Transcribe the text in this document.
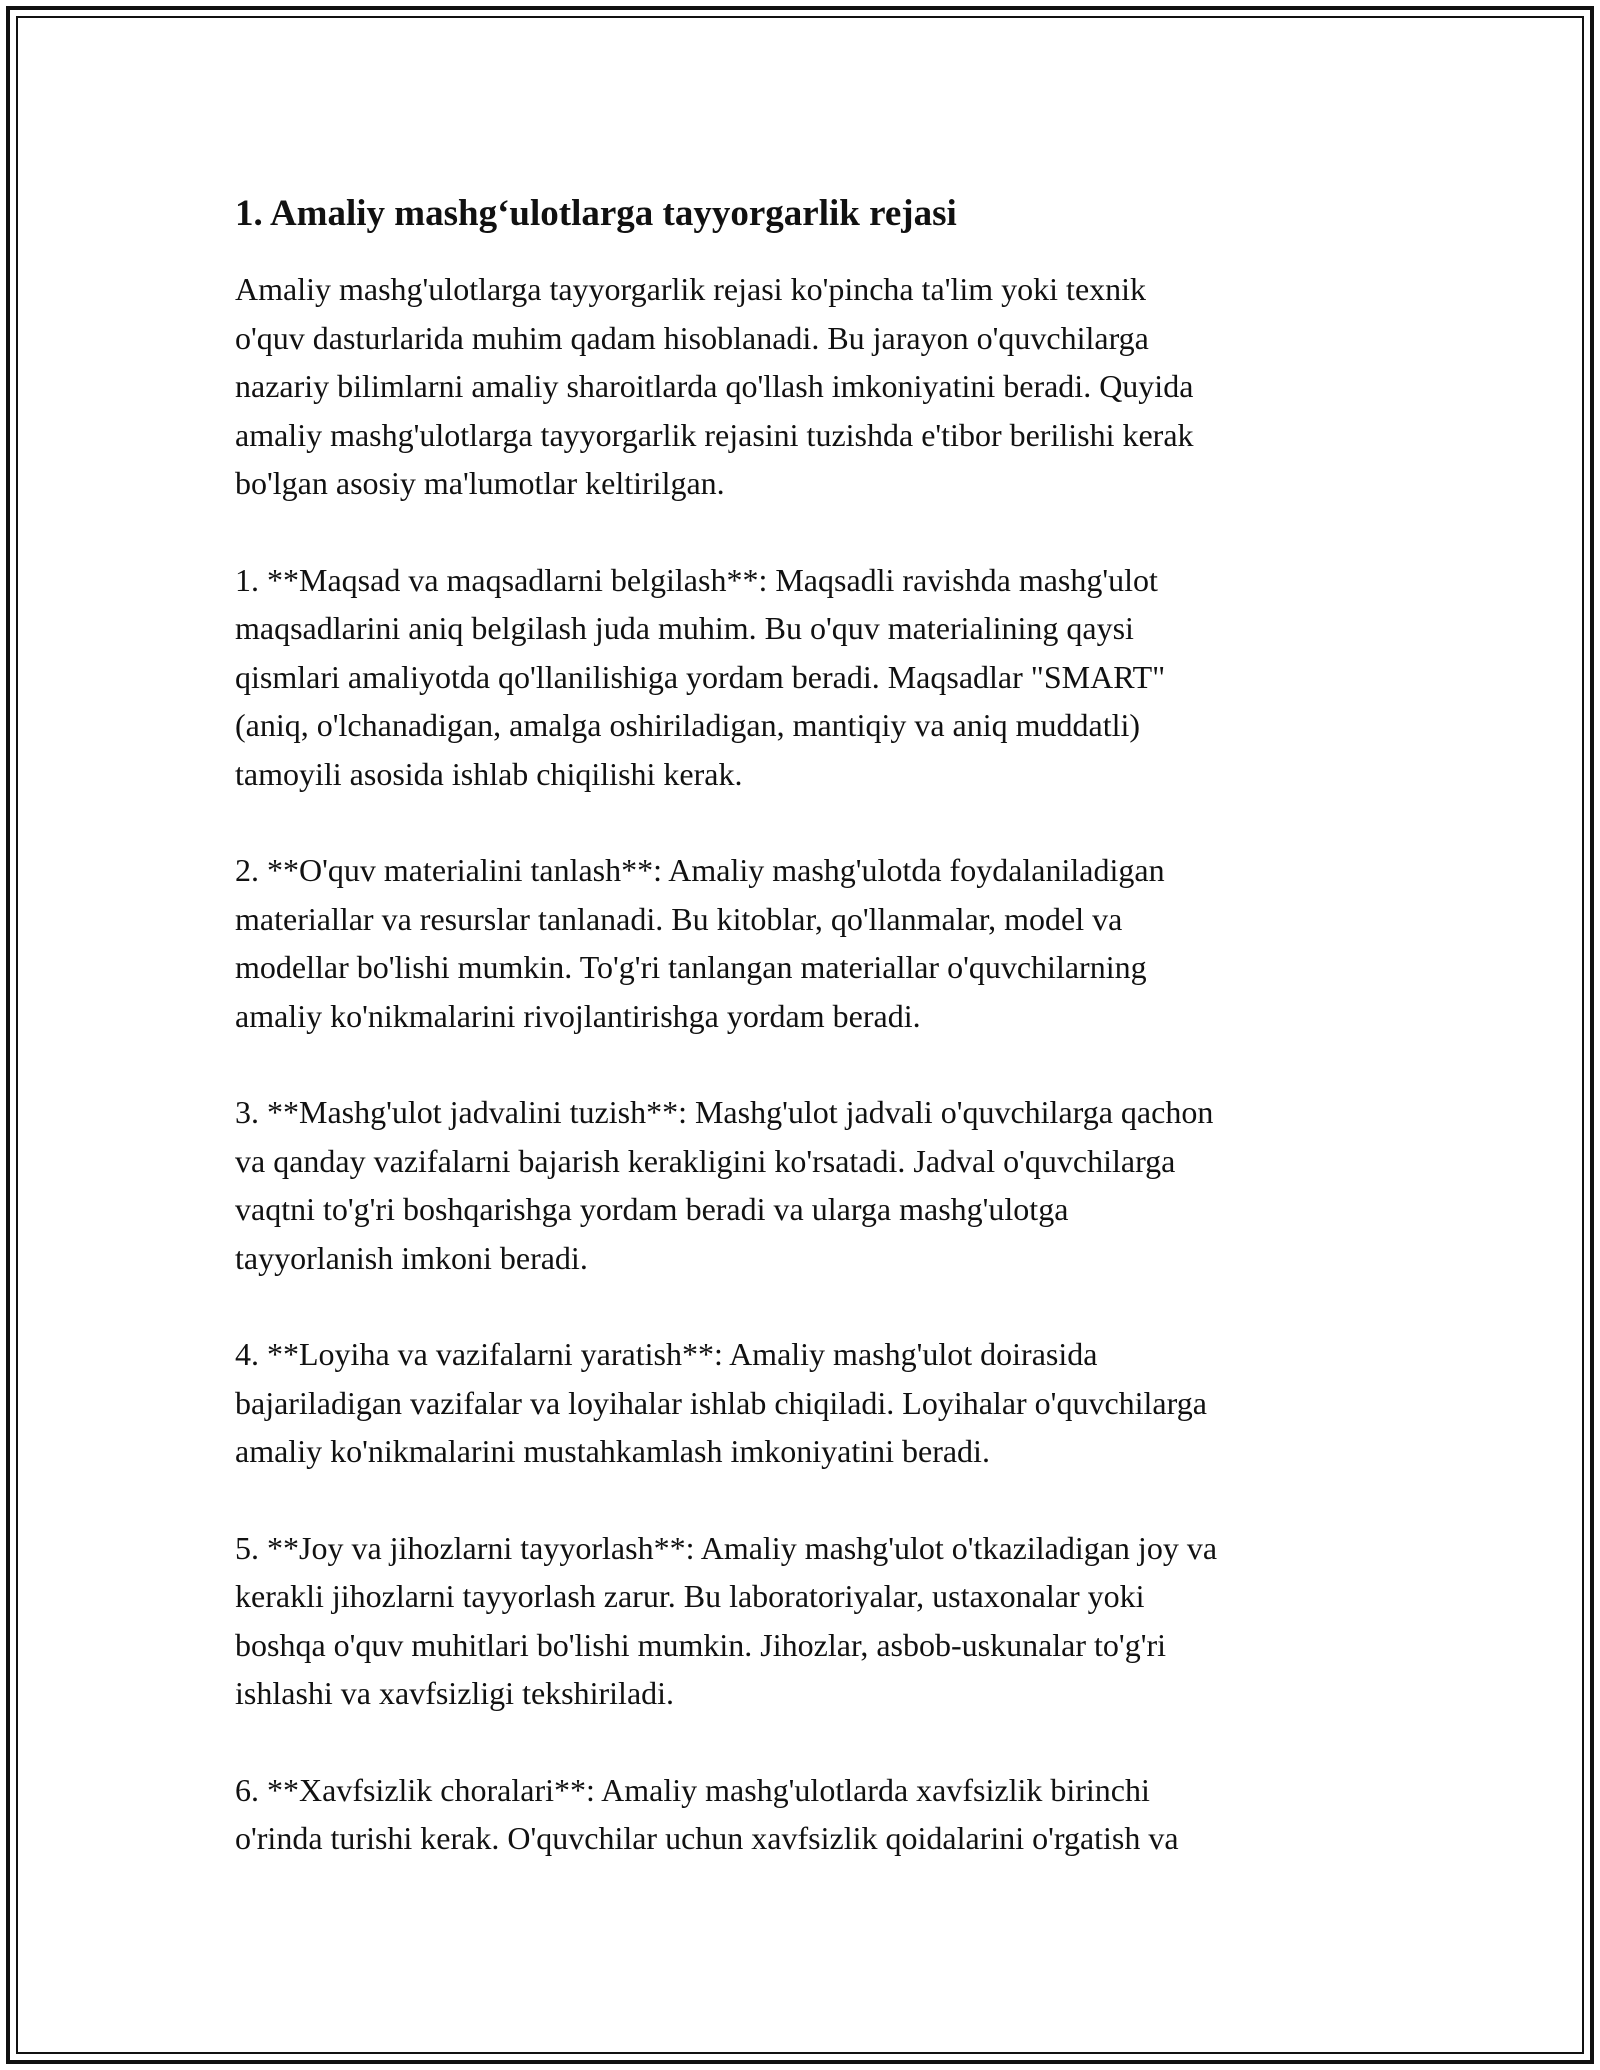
1. Amaliy mashg‘ulotlarga tayyorgarlik rejasi

Amaliy mashg'ulotlarga tayyorgarlik rejasi ko'pincha ta'lim yoki texnik
o'quv dasturlarida muhim qadam hisoblanadi. Bu jarayon o'quvchilarga
nazariy bilimlarni amaliy sharoitlarda qo'llash imkoniyatini beradi. Quyida
amaliy mashg'ulotlarga tayyorgarlik rejasini tuzishda e'tibor berilishi kerak
bo'lgan asosiy ma'lumotlar keltirilgan.

1. **Maqsad va maqsadlarni belgilash**: Maqsadli ravishda mashg'ulot
maqsadlarini aniq belgilash juda muhim. Bu o'quv materialining qaysi
qismlari amaliyotda qo'llanilishiga yordam beradi. Maqsadlar "SMART"
(aniq, o'lchanadigan, amalga oshiriladigan, mantiqiy va aniq muddatli)
tamoyili asosida ishlab chiqilishi kerak.

2. **O'quv materialini tanlash**: Amaliy mashg'ulotda foydalaniladigan
materiallar va resurslar tanlanadi. Bu kitoblar, qo'llanmalar, model va
modellar bo'lishi mumkin. To'g'ri tanlangan materiallar o'quvchilarning
amaliy ko'nikmalarini rivojlantirishga yordam beradi.

3. **Mashg'ulot jadvalini tuzish**: Mashg'ulot jadvali o'quvchilarga qachon
va qanday vazifalarni bajarish kerakligini ko'rsatadi. Jadval o'quvchilarga
vaqtni to'g'ri boshqarishga yordam beradi va ularga mashg'ulotga
tayyorlanish imkoni beradi.

4. **Loyiha va vazifalarni yaratish**: Amaliy mashg'ulot doirasida
bajariladigan vazifalar va loyihalar ishlab chiqiladi. Loyihalar o'quvchilarga
amaliy ko'nikmalarini mustahkamlash imkoniyatini beradi.

5. **Joy va jihozlarni tayyorlash**: Amaliy mashg'ulot o'tkaziladigan joy va
kerakli jihozlarni tayyorlash zarur. Bu laboratoriyalar, ustaxonalar yoki
boshqa o'quv muhitlari bo'lishi mumkin. Jihozlar, asbob-uskunalar to'g'ri
ishlashi va xavfsizligi tekshiriladi.

6. **Xavfsizlik choralari**: Amaliy mashg'ulotlarda xavfsizlik birinchi
o'rinda turishi kerak. O'quvchilar uchun xavfsizlik qoidalarini o'rgatish va
